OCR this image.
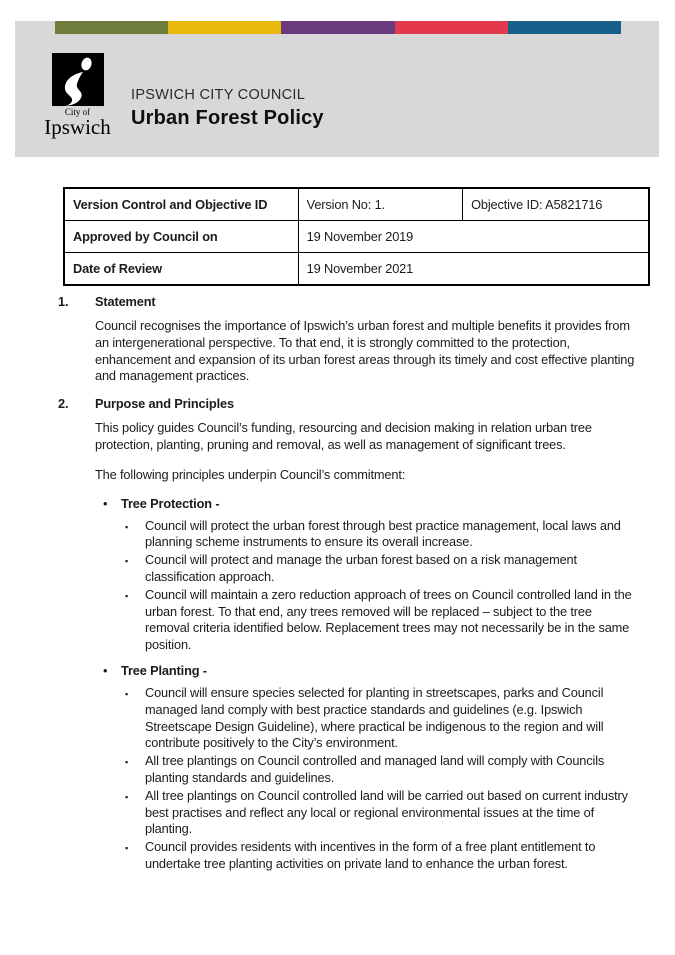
City of
Ipswich
IPSWICH CITY COUNCIL
Urban Forest Policy
Version Control and Objective ID	Version No: 1.	Objective ID: A5821716
Approved by Council on	19 November 2019	
Date of Review	19 November 2021	
1.	Statement

Council recognises the importance of Ipswich’s urban forest and multiple benefits it provides from an intergenerational perspective. To that end, it is strongly committed to the protection, enhancement and expansion of its urban forest areas through its timely and cost effective planting and management practices.

2.	Purpose and Principles

This policy guides Council’s funding, resourcing and decision making in relation urban tree protection, planting, pruning and removal, as well as management of significant trees.

The following principles underpin Council’s commitment:

•	Tree Protection -
▪	Council will protect the urban forest through best practice management, local laws and planning scheme instruments to ensure its overall increase.
▪	Council will protect and manage the urban forest based on a risk management classification approach.
▪	Council will maintain a zero reduction approach of trees on Council controlled land in the urban forest. To that end, any trees removed will be replaced – subject to the tree removal criteria identified below. Replacement trees may not necessarily be in the same position.
•	Tree Planting -
▪	Council will ensure species selected for planting in streetscapes, parks and Council managed land comply with best practice standards and guidelines (e.g. Ipswich Streetscape Design Guideline), where practical be indigenous to the region and will contribute positively to the City’s environment.
▪	All tree plantings on Council controlled and managed land will comply with Councils planting standards and guidelines.
▪	All tree plantings on Council controlled land will be carried out based on current industry best practises and reflect any local or regional environmental issues at the time of planting.
▪	Council provides residents with incentives in the form of a free plant entitlement to undertake tree planting activities on private land to enhance the urban forest.
